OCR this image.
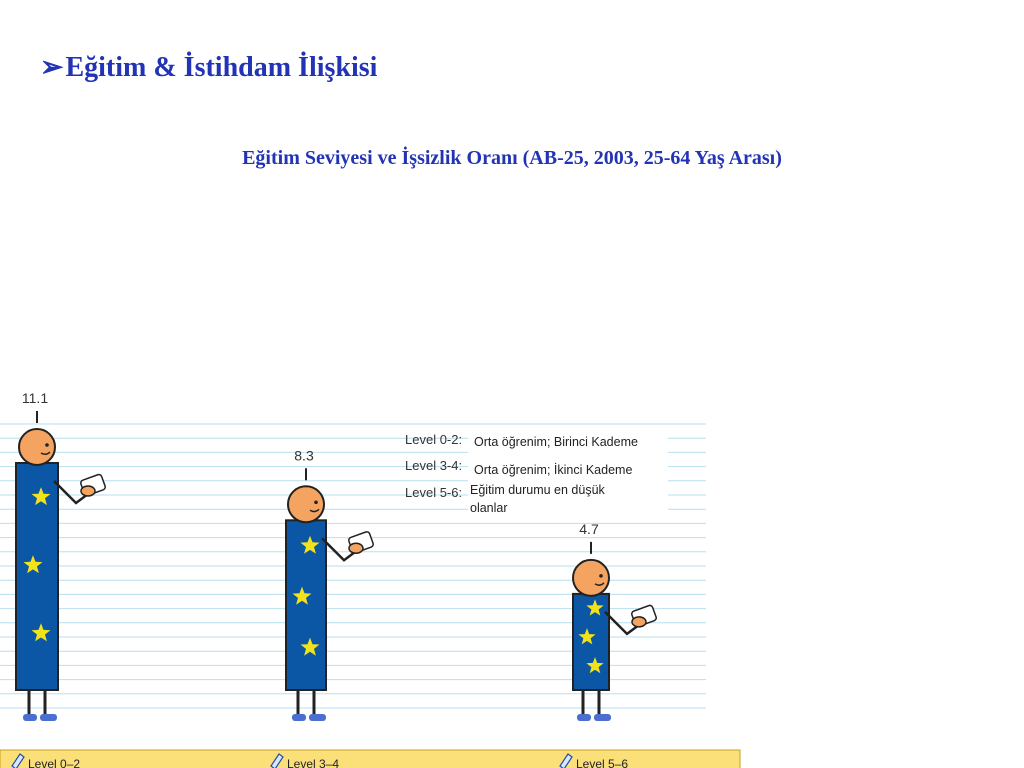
➢Eğitim & İstihdam İlişkisi
Eğitim Seviyesi ve İşsizlik Oranı (AB-25, 2003, 25-64 Yaş Arası)
11.1
Level 0–2
8.3
Level 3–4
4.7
Level 5–6
Level 0-2:
Level 3-4:
Level 5-6:
Orta öğrenim; Birinci Kademe
Orta öğrenim; İkinci Kademe
Eğitim durumu en düşük
olanlar
